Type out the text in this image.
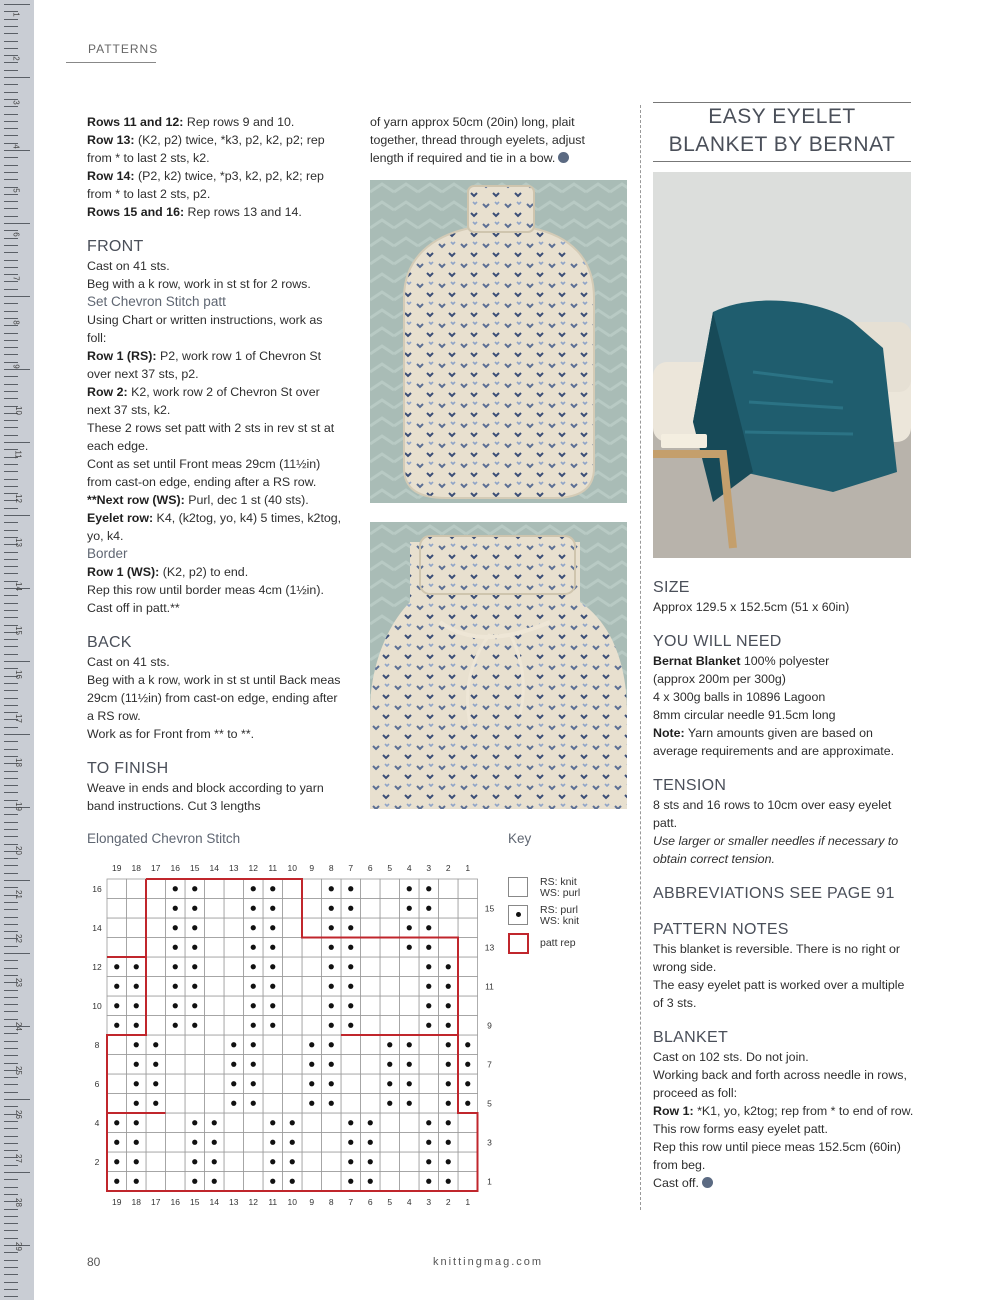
1
2
3
4
5
6
7
8
9
10
11
12
13
14
15
16
17
18
19
20
21
22
23
24
25
26
27
28
29
PATTERNS

Rows 11 and 12: Rep rows 9 and 10.

Row 13: (K2, p2) twice, *k3, p2, k2, p2; rep from * to last 2 sts, k2.

Row 14: (P2, k2) twice, *p3, k2, p2, k2; rep from * to last 2 sts, p2.

Rows 15 and 16: Rep rows 13 and 14.

FRONT

Cast on 41 sts.

Beg with a k row, work in st st for 2 rows.

Set Chevron Stitch patt

Using Chart or written instructions, work as foll:

Row 1 (RS): P2, work row 1 of Chevron St over next 37 sts, p2.

Row 2: K2, work row 2 of Chevron St over next 37 sts, k2.

These 2 rows set patt with 2 sts in rev st st at each edge.

Cont as set until Front meas 29cm (11½in) from cast-on edge, ending after a RS row.

**Next row (WS): Purl, dec 1 st (40 sts).

Eyelet row: K4, (k2tog, yo, k4) 5 times, k2tog, yo, k4.

Border

Row 1 (WS): (K2, p2) to end.

Rep this row until border meas 4cm (1½in). Cast off in patt.**

BACK

Cast on 41 sts.

Beg with a k row, work in st st until Back meas 29cm (11½in) from cast-on edge, ending after a RS row.

Work as for Front from ** to **.

TO FINISH

Weave in ends and block according to yarn band instructions. Cut 3 lengths

of yarn approx 50cm (20in) long, plait together, thread through eyelets, adjust length if required and tie in a bow.

EASY EYELET
BLANKET BY BERNAT
SIZE

Approx 129.5 x 152.5cm (51 x 60in)

YOU WILL NEED

Bernat Blanket 100% polyester

(approx 200m per 300g)

4 x 300g balls in 10896 Lagoon

8mm circular needle 91.5cm long

Note: Yarn amounts given are based on average requirements and are approximate.

TENSION

8 sts and 16 rows to 10cm over easy eyelet patt.

Use larger or smaller needles if necessary to obtain correct tension.

ABBREVIATIONS SEE PAGE 91
PATTERN NOTES

This blanket is reversible. There is no right or wrong side.

The easy eyelet patt is worked over a multiple of 3 sts.

BLANKET

Cast on 102 sts. Do not join.

Working back and forth across needle in rows, proceed as foll:

Row 1: *K1, yo, k2tog; rep from * to end of row.

This row forms easy eyelet patt.

Rep this row until piece meas 152.5cm (60in) from beg.

Cast off.

Elongated Chevron Stitch	Key
19
19
18
18
17
17
16
16
15
15
14
14
13
13
12
12
11
11
10
10
9
9
8
8
7
7
6
6
5
5
4
4
3
3
2
2
1
1
16
14
12
10
8
6
4
2
15
13
11
9
7
5
3
1
RS: knit
WS: purl
RS: purl
WS: knit
patt rep
80	knittingmag.com
